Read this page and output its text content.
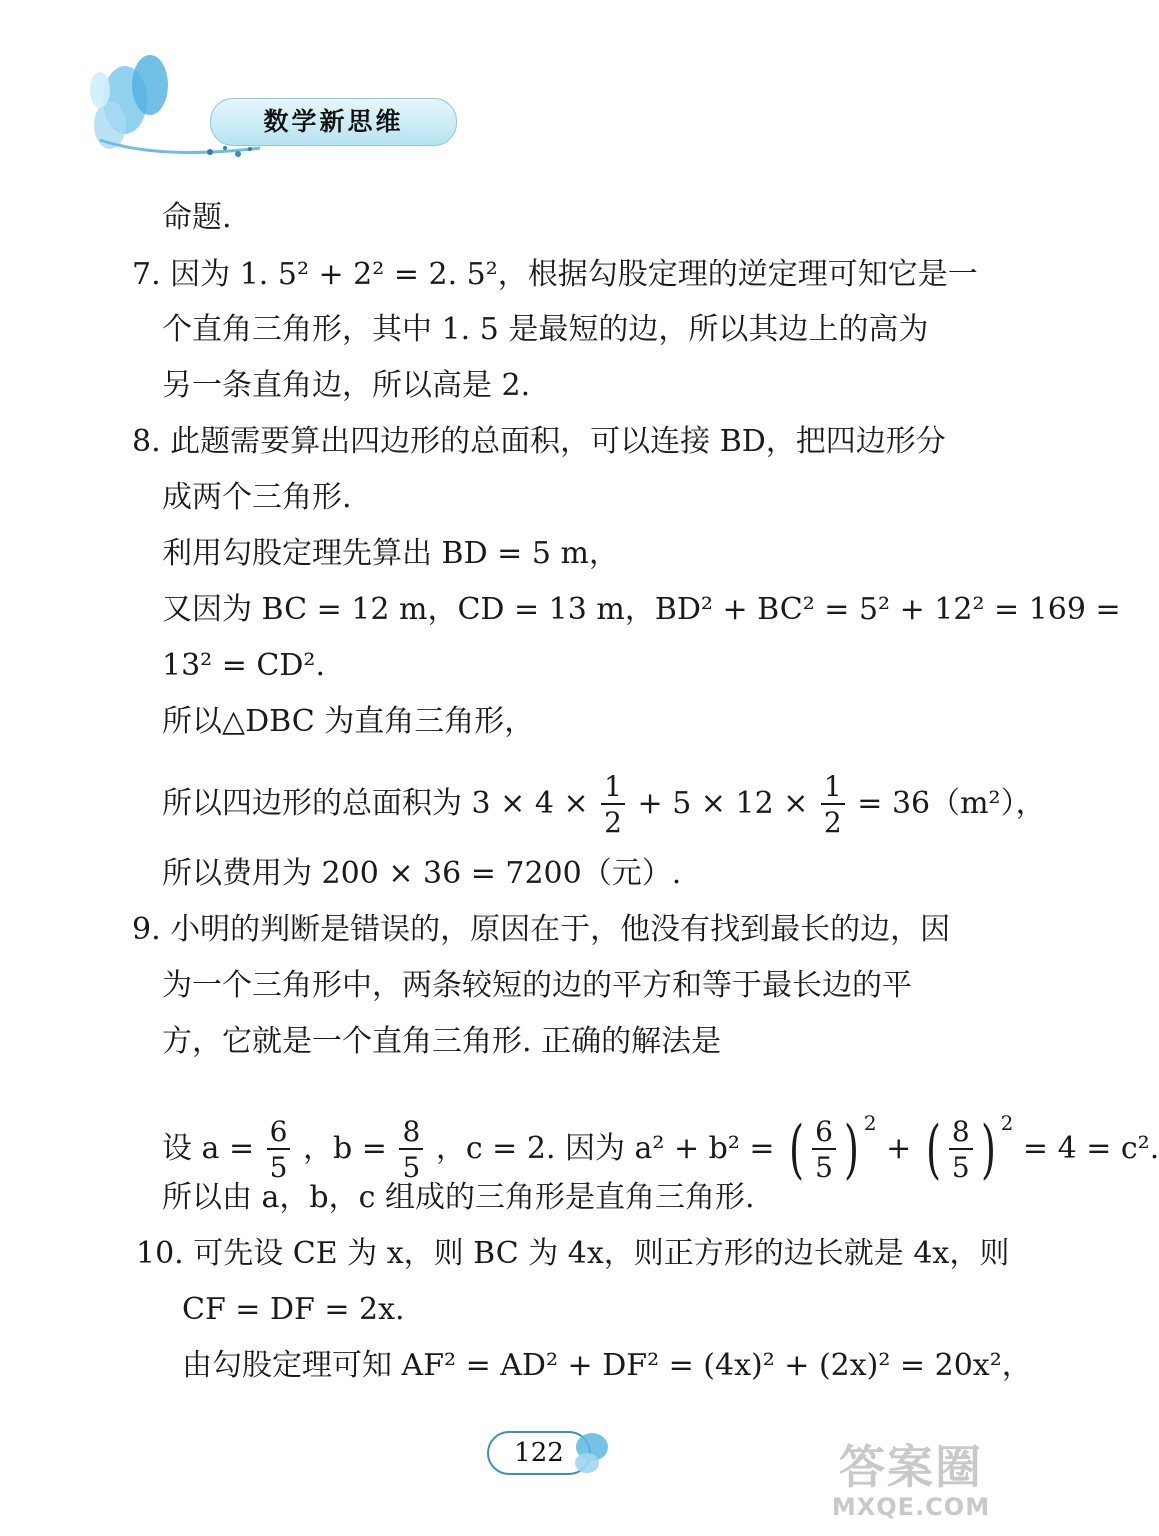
数学新思维
命题.
7. 因为 1. 5² + 2² = 2. 5²，根据勾股定理的逆定理可知它是一
个直角三角形，其中 1. 5 是最短的边，所以其边上的高为
另一条直角边，所以高是 2.
8. 此题需要算出四边形的总面积，可以连接 BD，把四边形分
成两个三角形.
利用勾股定理先算出 BD = 5 m，
又因为 BC = 12 m，CD = 13 m，BD² + BC² = 5² + 12² = 169 =
13² = CD².
所以△DBC 为直角三角形，
所以四边形的总面积为 $3 \times 4 \times \frac{1}{2} + 5 \times 12 \times \frac{1}{2} = 36(m^2)$，
所以费用为 200 × 36 = 7200（元）.
9. 小明的判断是错误的，原因在于，他没有找到最长的边，因
为一个三角形中，两条较短的边的平方和等于最长边的平
方，它就是一个直角三角形. 正确的解法是
设 $a = \frac{6}{5}$ ，$b = \frac{8}{5}$ ，c = 2. 因为 a² + b² = ( $\frac{6}{5}$ ) $^2$ + ( $\frac{8}{5}$ ) $^2$ = 4 = c².
所以由 a，b，c 组成的三角形是直角三角形.
10. 可先设 CE 为 x，则 BC 为 4x，则正方形的边长就是 4x，则
CF = DF = 2x.
由勾股定理可知 AF² = AD² + DF² = (4x)² + (2x)² = 20x²，
122	答案圈
MXQE.COM
